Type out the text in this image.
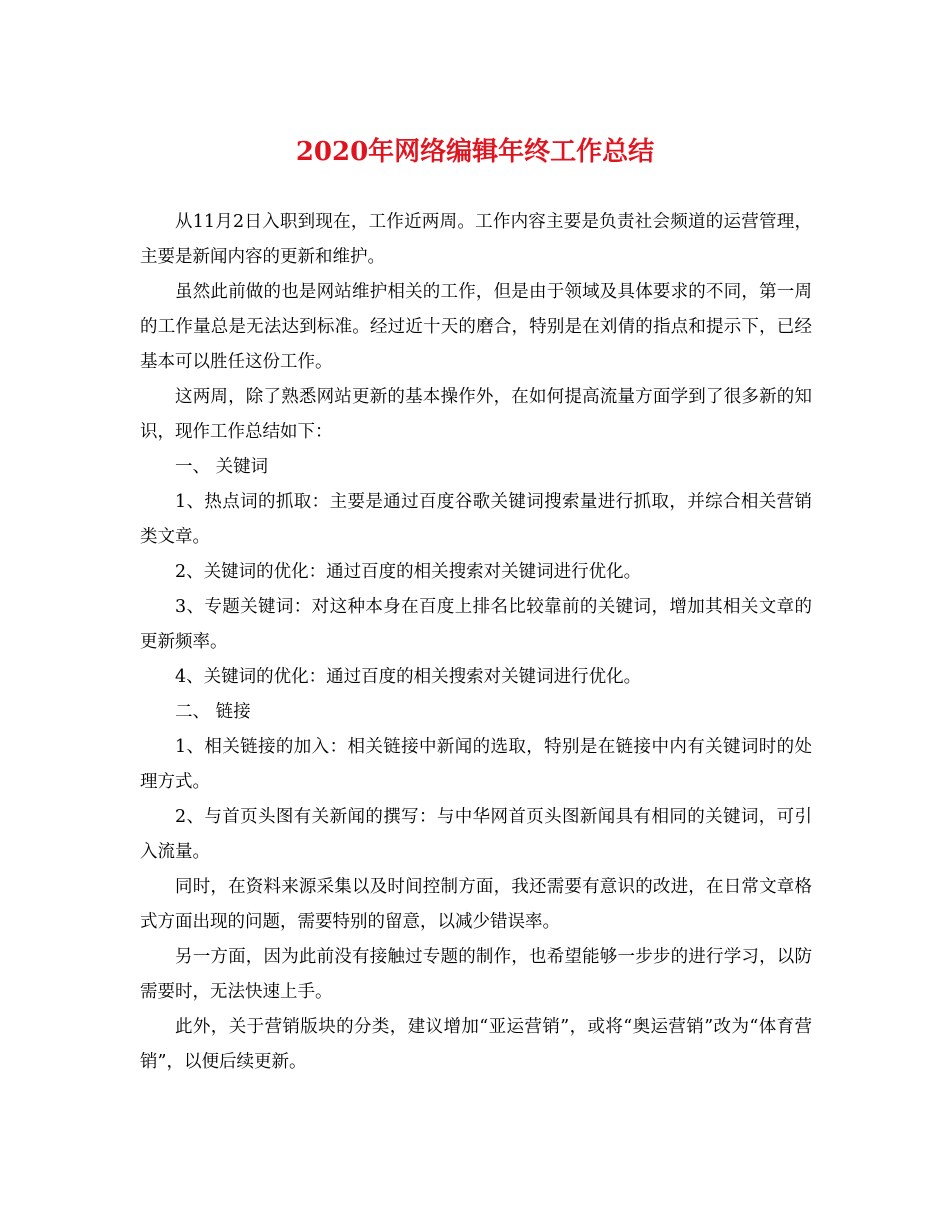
2020年网络编辑年终工作总结

从11月2日入职到现在，工作近两周。工作内容主要是负责社会频道的运营管理，主要是新闻内容的更新和维护。

虽然此前做的也是网站维护相关的工作，但是由于领域及具体要求的不同，第一周的工作量总是无法达到标准。经过近十天的磨合，特别是在刘倩的指点和提示下，已经基本可以胜任这份工作。

这两周，除了熟悉网站更新的基本操作外，在如何提高流量方面学到了很多新的知识，现作工作总结如下：

一、 关键词

1、热点词的抓取：主要是通过百度谷歌关键词搜索量进行抓取，并综合相关营销类文章。

2、关键词的优化：通过百度的相关搜索对关键词进行优化。

3、专题关键词：对这种本身在百度上排名比较靠前的关键词，增加其相关文章的更新频率。

4、关键词的优化：通过百度的相关搜索对关键词进行优化。

二、 链接

1、相关链接的加入：相关链接中新闻的选取，特别是在链接中内有关键词时的处理方式。

2、与首页头图有关新闻的撰写：与中华网首页头图新闻具有相同的关键词，可引入流量。

同时，在资料来源采集以及时间控制方面，我还需要有意识的改进，在日常文章格式方面出现的问题，需要特别的留意，以减少错误率。

另一方面，因为此前没有接触过专题的制作，也希望能够一步步的进行学习，以防需要时，无法快速上手。

此外，关于营销版块的分类，建议增加“亚运营销”，或将“奥运营销”改为“体育营销”，以便后续更新。
